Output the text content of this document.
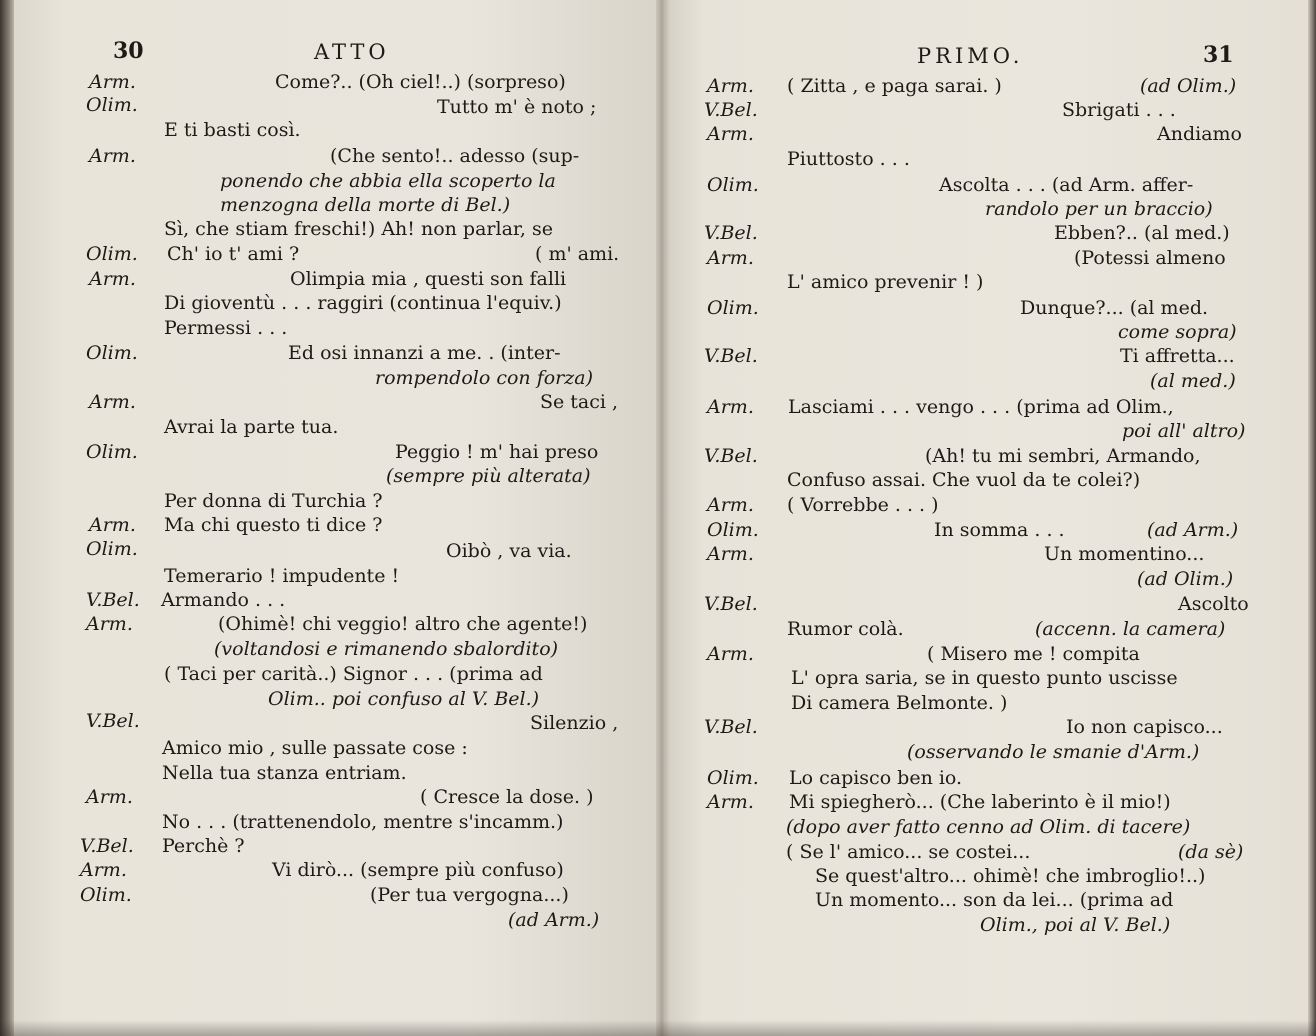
30	ATTO
Arm.	Come?.. (Oh ciel!..) (sorpreso)
Olim.	Tutto m' è noto ;
E ti basti così.
Arm.	(Che sento!.. adesso (sup-
ponendo che abbia ella scoperto la
menzogna della morte di Bel.)
Sì, che stiam freschi!) Ah! non parlar, se
Olim. Ch' io t' ami ?	( m' ami.
Arm.	Olimpia mia , questi son falli
Di gioventù . . . raggiri (continua l'equiv.)
Permessi . . .
Olim.	Ed osi innanzi a me. . (inter-
rompendolo con forza)
Arm.	Se taci ,
Avrai la parte tua.
Olim.	Peggio ! m' hai preso
(sempre più alterata)
Per donna di Turchia ?
Arm. Ma chi questo ti dice ?
Olim.	Oibò , va via.
Temerario ! impudente !
V.Bel. Armando . . .
Arm.	(Ohimè! chi veggio! altro che agente!)
(voltandosi e rimanendo sbalordito)
( Taci per carità..) Signor . . . (prima ad
Olim.. poi confuso al V. Bel.)
V.Bel.	Silenzio ,
Amico mio , sulle passate cose :
Nella tua stanza entriam.
Arm.	( Cresce la dose. )
No . . . (trattenendolo, mentre s'incamm.)
V.Bel. Perchè ?
Arm.	Vi dirò... (sempre più confuso)
Olim.	(Per tua vergogna...)
(ad Arm.)
PRIMO.	31
Arm. ( Zitta , e paga sarai. )	(ad Olim.)
V.Bel.	Sbrigati . . .
Arm.	Andiamo
Piuttosto . . .
Olim.	Ascolta . . . (ad Arm. affer-
randolo per un braccio)
V.Bel.	Ebben?.. (al med.)
Arm.	(Potessi almeno
L' amico prevenir ! )
Olim.	Dunque?... (al med.
come sopra)
V.Bel.	Ti affretta...
(al med.)
Arm. Lasciami . . . vengo . . . (prima ad Olim.,
poi all' altro)
V.Bel.	(Ah! tu mi sembri, Armando,
Confuso assai. Che vuol da te colei?)
Arm. ( Vorrebbe . . . )
Olim.	In somma . . .	(ad Arm.)
Arm.	Un momentino...
(ad Olim.)
V.Bel.	Ascolto
Rumor colà.	(accenn. la camera)
Arm.	( Misero me ! compita
L' opra saria, se in questo punto uscisse
Di camera Belmonte. )
V.Bel.	Io non capisco...
(osservando le smanie d'Arm.)
Olim. Lo capisco ben io.
Arm. Mi spiegherò... (Che laberinto è il mio!)
(dopo aver fatto cenno ad Olim. di tacere)
( Se l' amico... se costei...	(da sè)
Se quest'altro... ohimè! che imbroglio!..)
Un momento... son da lei... (prima ad
Olim., poi al V. Bel.)
